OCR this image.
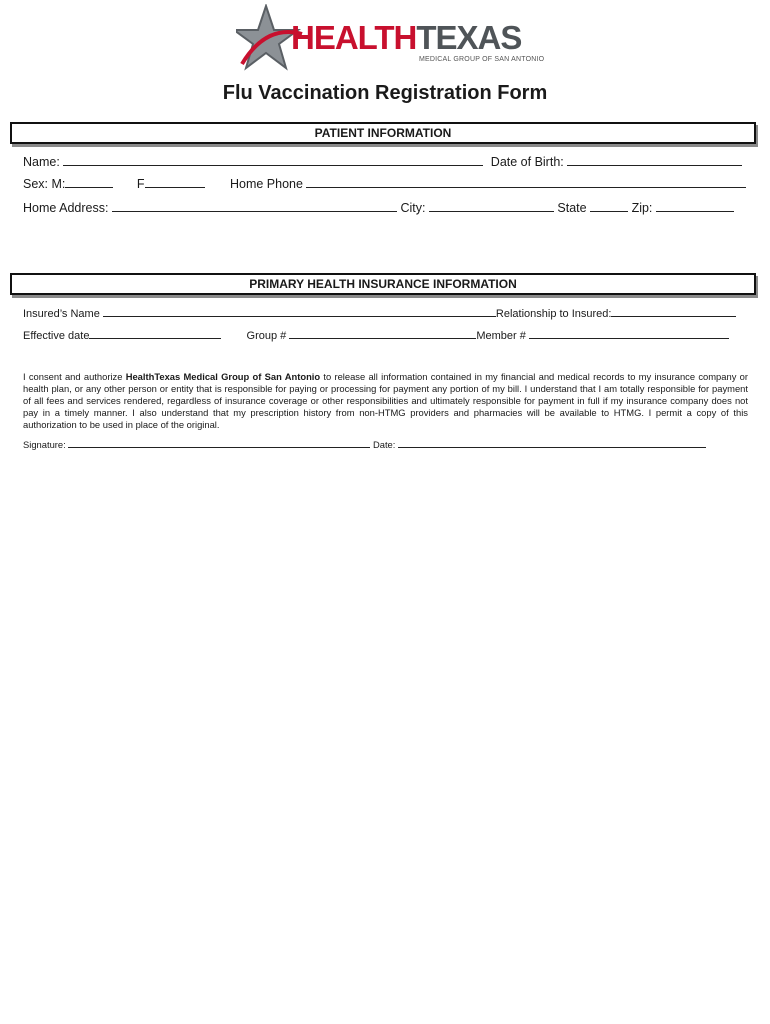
HEALTHTEXAS
MEDICAL GROUP OF SAN ANTONIO
Flu Vaccination Registration Form
PATIENT INFORMATION
Name:	Date of Birth:
Sex: M:	F	Home Phone
Home Address:	City:	State	Zip:
PRIMARY HEALTH INSURANCE INFORMATION
Insured’s Name	Relationship to Insured:
Effective date	Group #	Member #
I consent and authorize HealthTexas Medical Group of San Antonio to release all information contained in my financial and medical records to my insurance company or health plan, or any other person or entity that is responsible for paying or processing for payment any portion of my bill. I understand that I am totally responsible for payment of all fees and services rendered, regardless of insurance coverage or other responsibilities and ultimately responsible for payment in full if my insurance company does not pay in a timely manner. I also understand that my prescription history from non-HTMG providers and pharmacies will be available to HTMG. I permit a copy of this authorization to be used in place of the original.
Signature:	Date:
